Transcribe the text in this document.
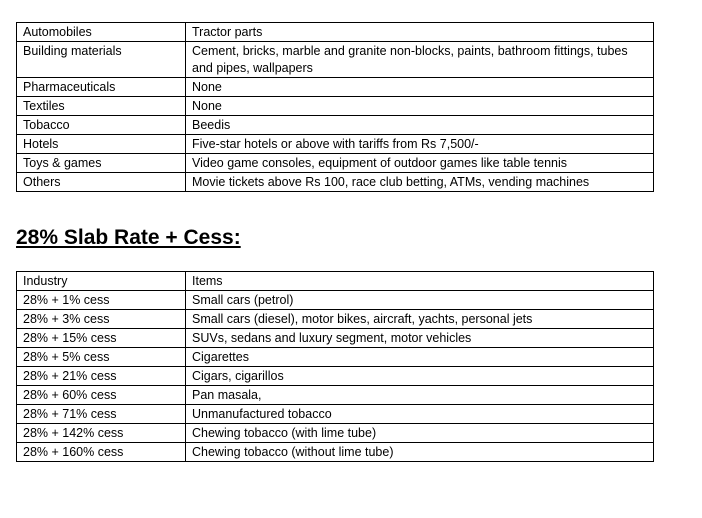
Automobiles	Tractor parts
Building materials	Cement, bricks, marble and granite non-blocks, paints, bathroom fittings, tubes and pipes, wallpapers
Pharmaceuticals	None
Textiles	None
Tobacco	Beedis
Hotels	Five-star hotels or above with tariffs from Rs 7,500/-
Toys & games	Video game consoles, equipment of outdoor games like table tennis
Others	Movie tickets above Rs 100, race club betting, ATMs, vending machines
28% Slab Rate + Cess:
Industry	Items
28% + 1% cess	Small cars (petrol)
28% + 3% cess	Small cars (diesel), motor bikes, aircraft, yachts, personal jets
28% + 15% cess	SUVs, sedans and luxury segment, motor vehicles
28% + 5% cess	Cigarettes
28% + 21% cess	Cigars, cigarillos
28% + 60% cess	Pan masala,
28% + 71% cess	Unmanufactured tobacco
28% + 142% cess	Chewing tobacco (with lime tube)
28% + 160% cess	Chewing tobacco (without lime tube)
